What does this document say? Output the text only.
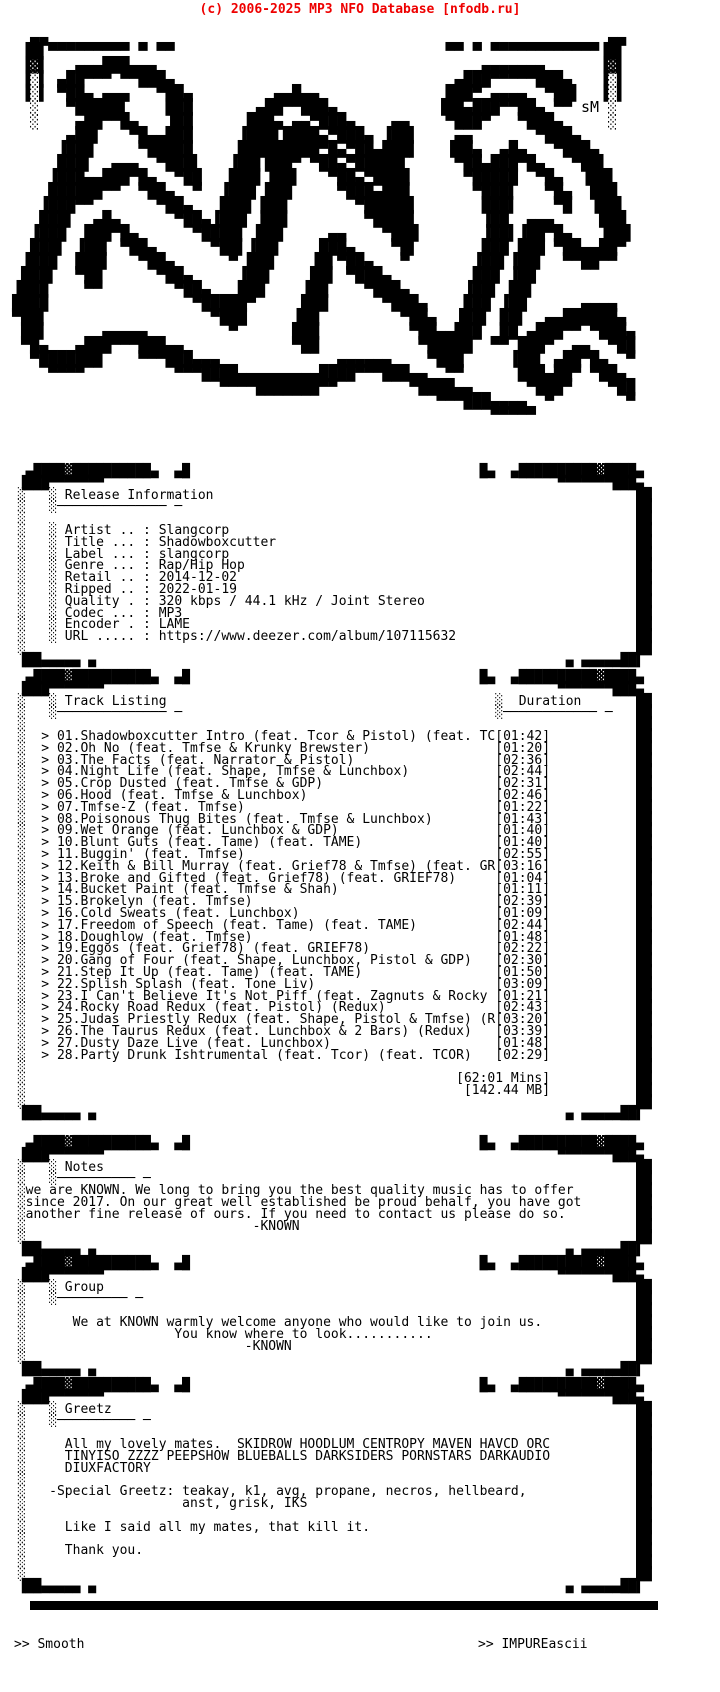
(c) 2006-2025 MP3 NFO Database [nfodb.ru]
▄▄                                                              ▄▄
▐█▌▀▀▀▀▀▀▀▀▀ ▀ ▀▀                              ▀▀ ▀ ▀▀▀▀▀▀▀▀▀▀▀▀▐█▌
▐▓▌   ▄▄▄███▄▄▄                                    ▄▄▄▄▄▄▄      ▐▓▌
▐░▌ ▄██▀▀▀ ▀▀███▄                               ▄███▀▀▀▀▀███▄   ▐░▌
▐░▌ ▀██▄ ▄▄▄   ▀██▄         ▄▄█▄▄              ███▀ ▄▄▄▄  ▀██▌  ▐░▌
░   ▀█████▌    ███       ▄██▀▀███▄           ▐██▄███▀▀██▄ ▀▀ sM ░
░    ▄██▀▀█▄   ▐██      ███▄ ▄▄▀███▄    ▄▄    ▀███▀   ▀███▄     ░
▄██▌   ▀█▄▄███     ▐███▌████▄▀███▄ ▐██▌    ▄▄       ▀███▄
▐███     ▀█████     █████████▀█▄▀██▄███▌   ▐██▄  ▄█▄   ▀███▄
███▌  ▄▄▄  ▀███▌   ▐██▌███▀ ▀██▄▀█████▌     ▀██▄███▀█▄   ▀██▌
▐███▄▄███▀█▄  ▀██   ███▌▐██▌   ▀██▄▀████      ▀█████  ▀█▄  ▐██▌
██████▀▀  ▀██▄  ▀  ▐███ ███     ▀███▄███       ▀███▌   ▀█▄  ███
▐███▀▀       ▀██▄   ███▌▐██▌       ▀█████▌       ███▌    ▀█  ▐██▌
███▌  ▄█▄      ▀██▄▐███ ▐██▌        ▀████▌       ▐██  ▄▄▄     ███
▐███  ███▀█▄      ▀████▌ ███     ▄▄    ▀███       ▐██▌▐██▀█▄   ▐██▌
███▌ ▐██▌ ▀██▄      ▀██▌▐██▌    ███▄    ▀█▌       ███ ███ ▀██▄▄██▀
▐███  ███▌   ▀██▄      ▀ ███    ▐█▌▀██▄   ▀       ▐██▌▐██▌  ▀▀██▀▀
███▌  ▀██      ▀██▄     ▐██▌    ██▌ ▀███▄         ███ ▐██
▐███    ▀▀        ▀██▄   ███    ▐██    ▀███▄      ▐██▌ ██▌
████                ▀█████▀     ███      ▀███▄    ███ ▐██      ▄▄▄▄
▀██▌                  ▀███     ▐██         ▀██▄  ▐██▌ ██▌  ▄▄██████▄
██▌      ▄▄▄▄▄         ▀      ███          ▀██▄▄███  ██ ▄███▀▀ ▀███▄
▀█▄   ▄███▀▀▀███▄▄            ▀██           ▀█████  ▀▀ ███▀  ▄▄  ▀██
▀███████    ▀▀▀███▄▄▄             ▄▄▄▄▄▄    ▀███     ▐██▌ ▄██▀█▄  ▀
▀▀▀▀          ▀▀▀████▄▄▄▄▄▄▄▄▄████▀▀▀███▄▄  ▀▀      ███▄██▀ ▀██▄
▀▀▀▀███████▀▀        ▀████▄▄      ▀███▀    ▀██
▀▀▀███▄▄▄▄  ▀        ▀
▀▀▀▀▀
▄████▓██████████▄  ▄█                                     █▄  ▄██████████▓████▄
▐███▀▀▀▀▀▀▀                                                          ▀▀▀▀▀▀▀███▄
░   ░ Release Information                                                      ██
░   ░────────────── ─                                                          ██
░                                                                              ██
░   ░ Artist .. : Slangcorp                                                    ██
░   ░ Title ... : Shadowboxcutter                                              ██
░   ░ Label ... : slangcorp                                                    ██
░   ░ Genre ... : Rap/Hip Hop                                                  ██
░   ░ Retail .. : 2014-12-02                                                   ██
░   ░ Ripped .. : 2022-01-19                                                   ██
░   ░ Quality . : 320 kbps / 44.1 kHz / Joint Stereo                           ██
░   ░ Codec ... : MP3                                                          ██
░   ░ Encoder . : LAME                                                         ██
░   ░ URL ..... : https://www.deezer.com/album/107115632                       ██
░                                                                              ██
▐██▄▄▄▄▄ ▄                                                            ▄ ▄▄▄▄▄██▌
▄████▓██████████▄  ▄█                                     █▄  ▄██████████▓████▄
▐███▀▀▀▀▀▀▀                                                          ▀▀▀▀▀▀▀███▄
░   ░ Track Listing                                          ░  Duration       ██
░   ░────────────── ─                                        ░──────────── ─   ██
░                                                                              ██
░  > 01.Shadowboxcutter Intro (feat. Tcor & Pistol) (feat. TC[01:42]           ██
░  > 02.Oh No (feat. Tmfse & Krunky Brewster)                [01:20]           ██
░  > 03.The Facts (feat. Narrator & Pistol)                  [02:36]           ██
░  > 04.Night Life (feat. Shape, Tmfse & Lunchbox)           [02:44]           ██
░  > 05.Crop Dusted (feat. Tmfse & GDP)                      [02:31]           ██
░  > 06.Hood (feat. Tmfse & Lunchbox)                        [02:46]           ██
░  > 07.Tmfse-Z (feat. Tmfse)                                [01:22]           ██
░  > 08.Poisonous Thug Bites (feat. Tmfse & Lunchbox)        [01:43]           ██
░  > 09.Wet Orange (feat. Lunchbox & GDP)                    [01:40]           ██
░  > 10.Blunt Guts (feat. Tame) (feat. TAME)                 [01:40]           ██
░  > 11.Buggin' (feat. Tmfse)                                [02:55]           ██
░  > 12.Keith & Bill Murray (feat. Grief78 & Tmfse) (feat. GR[03:16]           ██
░  > 13.Broke and Gifted (feat. Grief78) (feat. GRIEF78)     [01:04]           ██
░  > 14.Bucket Paint (feat. Tmfse & Shah)                    [01:11]           ██
░  > 15.Brokelyn (feat. Tmfse)                               [02:39]           ██
░  > 16.Cold Sweats (feat. Lunchbox)                         [01:09]           ██
░  > 17.Freedom of Speech (feat. Tame) (feat. TAME)          [02:44]           ██
░  > 18.Doughlow (feat. Tmfse)                               [01:48]           ██
░  > 19.Eggos (feat. Grief78) (feat. GRIEF78)                [02:22]           ██
░  > 20.Gang of Four (feat. Shape, Lunchbox, Pistol & GDP)   [02:30]           ██
░  > 21.Step It Up (feat. Tame) (feat. TAME)                 [01:50]           ██
░  > 22.Splish Splash (feat. Tone Liv)                       [03:09]           ██
░  > 23.I Can't Believe It's Not Piff (feat. Zagnuts & Rocky [01:21]           ██
░  > 24.Rocky Road Redux (feat. Pistol) (Redux)              [02:43]           ██
░  > 25.Judas Priestly Redux (feat. Shape, Pistol & Tmfse) (R[03:20]           ██
░  > 26.The Taurus Redux (feat. Lunchbox & 2 Bars) (Redux)   [03:39]           ██
░  > 27.Dusty Daze Live (feat. Lunchbox)                     [01:48]           ██
░  > 28.Party Drunk Ishtrumental (feat. Tcor) (feat. TCOR)   [02:29]           ██
░                                                                              ██
░                                                       [62:01 Mins]           ██
░                                                        [142.44 MB]           ██
░                                                                              ██
▐██▄▄▄▄▄ ▄                                                            ▄ ▄▄▄▄▄██▌
▄████▓██████████▄  ▄█                                     █▄  ▄██████████▓████▄
▐███▀▀▀▀▀▀▀                                                          ▀▀▀▀▀▀▀███▄
░   ░ Notes                                                                    ██
░   ░────────── ─                                                              ██
░we are KNOWN. We long to bring you the best quality music has to offer        ██
░since 2017. On our great well established be proud behalf, you have got       ██
░another fine release of ours. If you need to contact us please do so.         ██
░                             -KNOWN                                           ██
░                                                                              ██
▐██▄▄▄▄▄ ▄                                                            ▄ ▄▄▄▄▄██▌
▄████▓██████████▄  ▄█                                     █▄  ▄██████████▓████▄
▐███▀▀▀▀▀▀▀                                                          ▀▀▀▀▀▀▀███▄
░   ░ Group                                                                    ██
░   ░───────── ─                                                               ██
░                                                                              ██
░      We at KNOWN warmly welcome anyone who would like to join us.            ██
░                   You know where to look...........                          ██
░                            -KNOWN                                            ██
░                                                                              ██
▐██▄▄▄▄▄ ▄                                                            ▄ ▄▄▄▄▄██▌
▄████▓██████████▄  ▄█                                     █▄  ▄██████████▓████▄
▐███▀▀▀▀▀▀▀                                                          ▀▀▀▀▀▀▀███▄
░   ░ Greetz                                                                   ██
░   ░────────── ─                                                              ██
░                                                                              ██
░     All my lovely mates.  SKIDROW HOODLUM CENTROPY MAVEN HAVCD ORC           ██
░     TINYISO ZZZZ PEEPSHOW BLUEBALLS DARKSIDERS PORNSTARS DARKAUDIO           ██
░     DIUXFACTORY                                                              ██
░                                                                              ██
░   -Special Greetz: teakay, k1, avg, propane, necros, hellbeard,              ██
░                    anst, grisk, IKS                                          ██
░                                                                              ██
░     Like I said all my mates, that kill it.                                  ██
░                                                                              ██
░     Thank you.                                                               ██
░                                                                              ██
░                                                                              ██
▐██▄▄▄▄▄ ▄                                                            ▄ ▄▄▄▄▄██▌
>> Smooth	>> IMPUREascii
